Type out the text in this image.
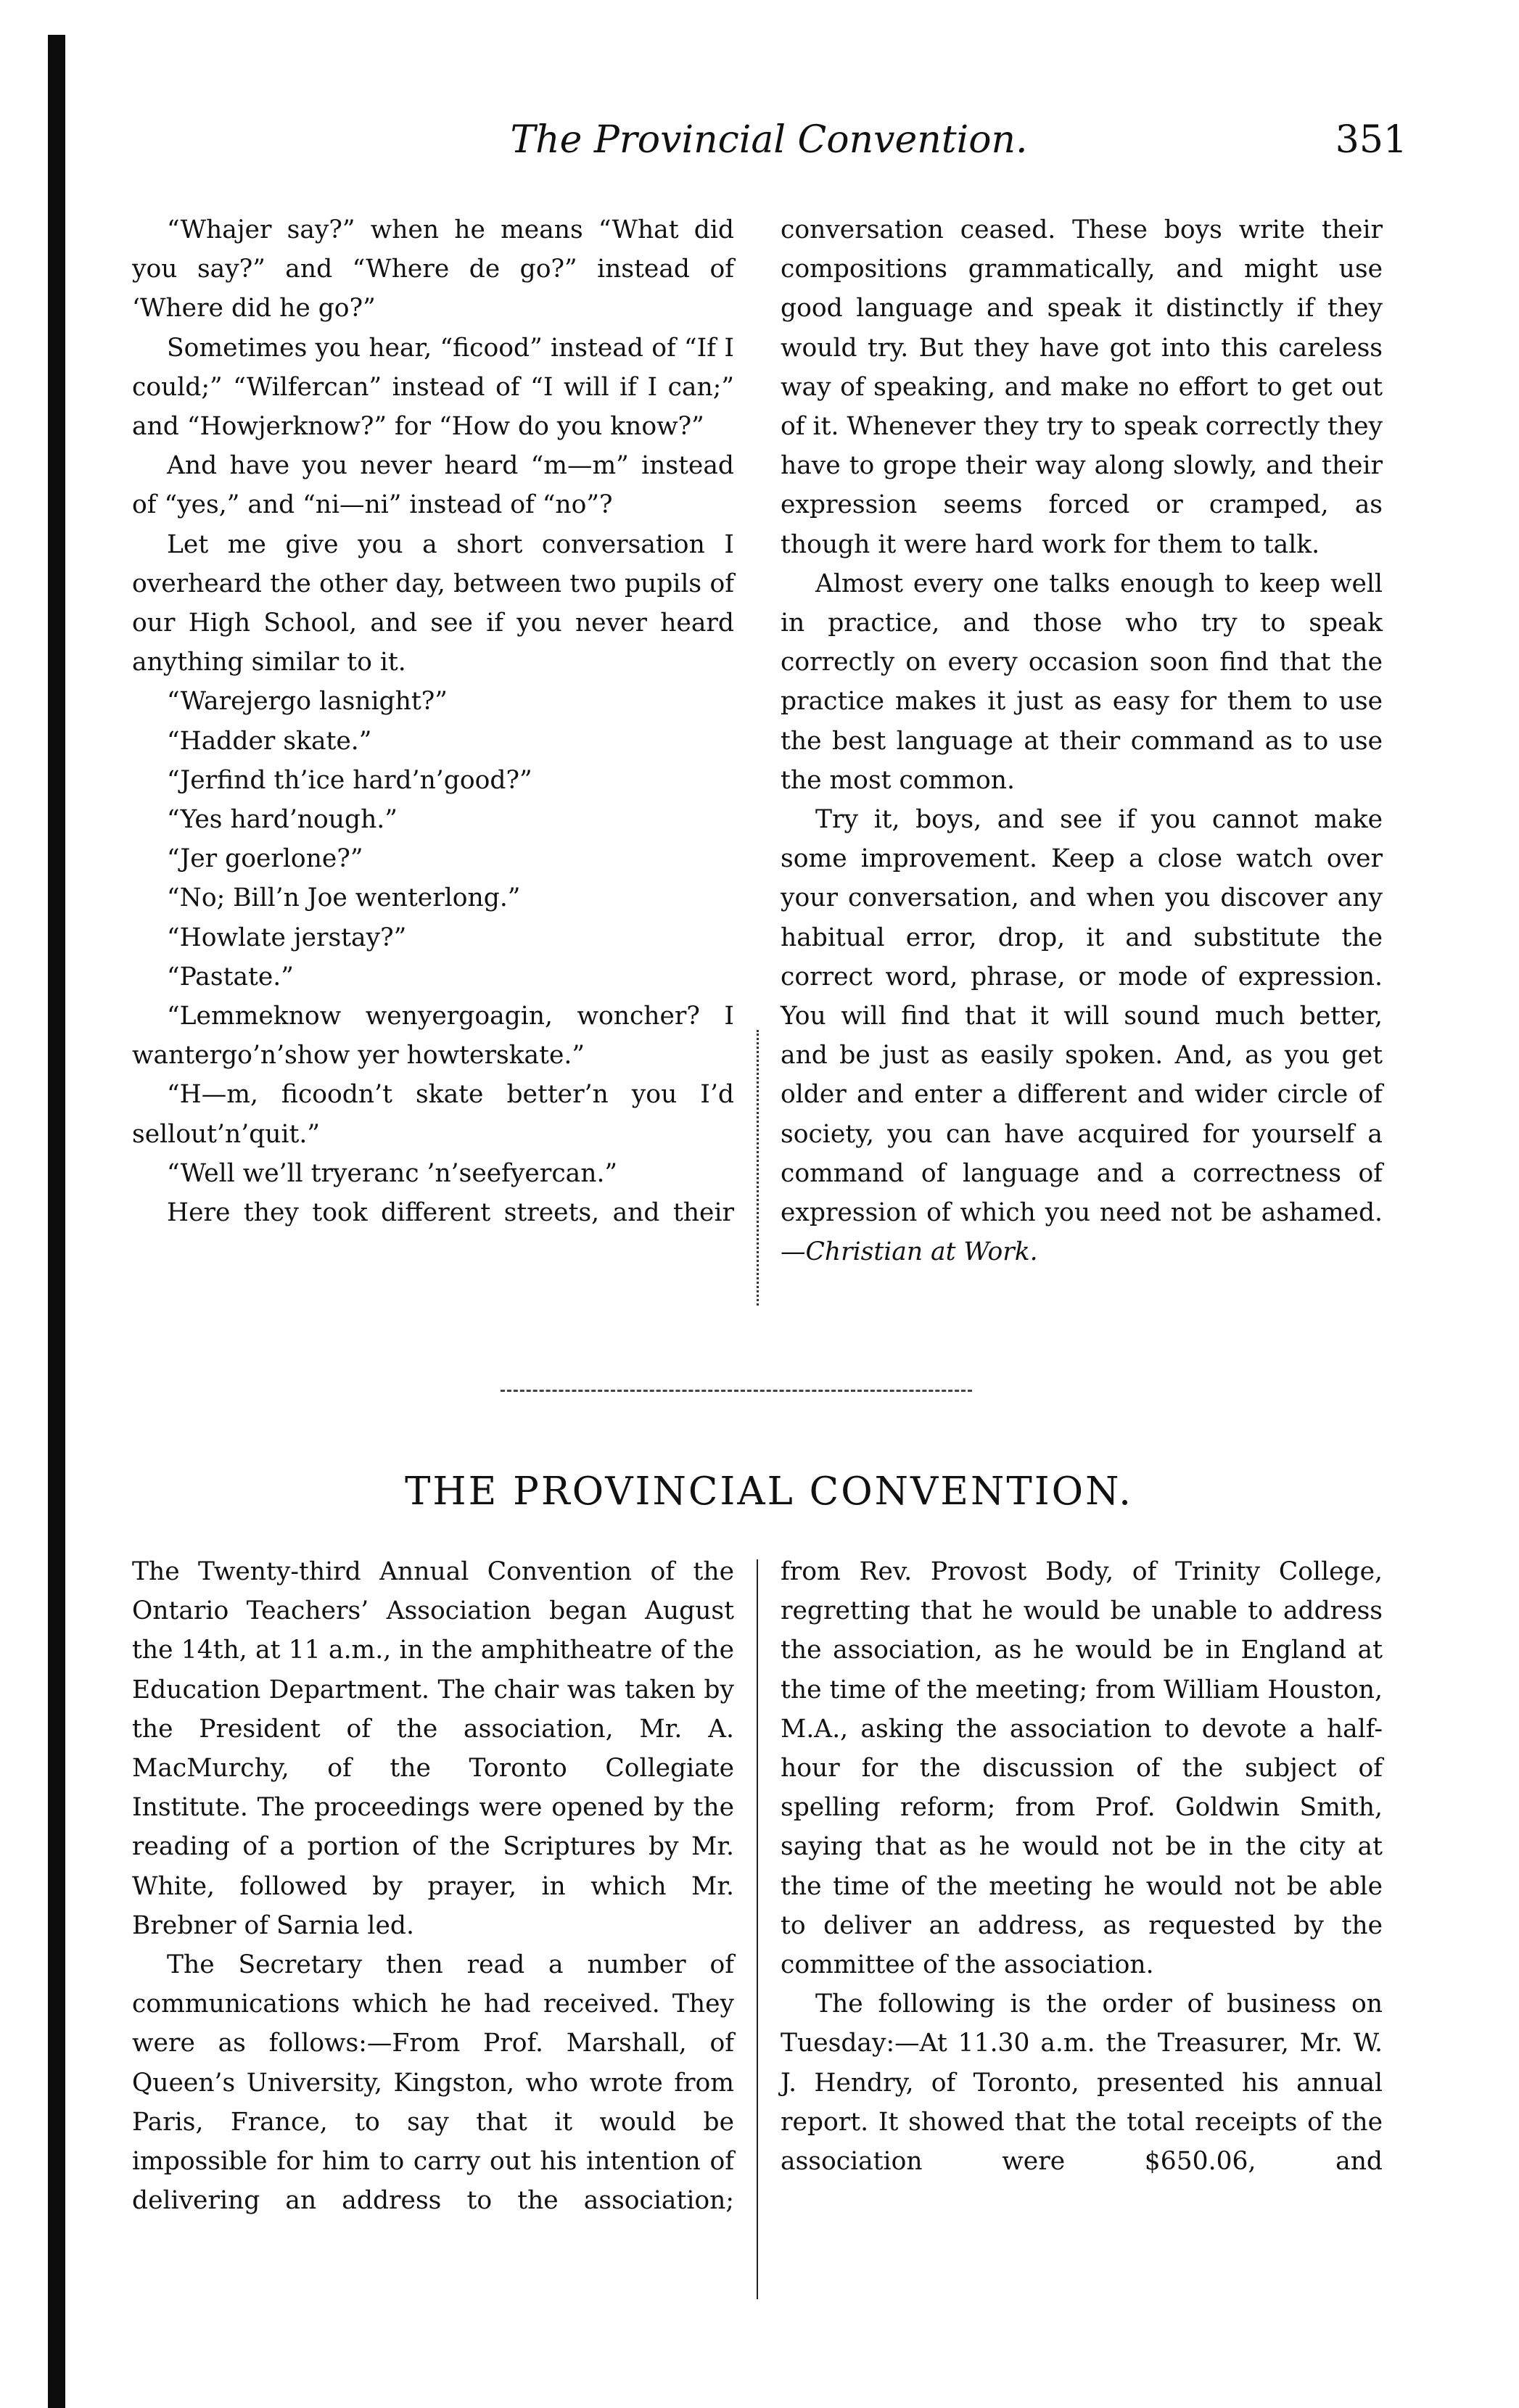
The Provincial Convention.	351

“Whajer say?” when he means “What did you say?” and “Where de go?” instead of ‘Where did he go?”

Sometimes you hear, “ficood” instead of “If I could;” “Wilfercan” instead of “I will if I can;” and “Howjerknow?” for “How do you know?”

And have you never heard “m—m” instead of “yes,” and “ni—ni” instead of “no”?

Let me give you a short conversation I overheard the other day, between two pupils of our High School, and see if you never heard anything similar to it.

“Warejergo lasnight?”

“Hadder skate.”

“Jerfind th’ice hard’n’good?”

“Yes hard’nough.”

“Jer goerlone?”

“No; Bill’n Joe wenterlong.”

“Howlate jerstay?”

“Pastate.”

“Lemmeknow wenyergoagin, woncher? I wantergo’n’show yer howterskate.”

“H—m, ficoodn’t skate better’n you I’d sellout’n’quit.”

“Well we’ll tryeranc ’n’seefyercan.”

Here they took different streets, and their

conversation ceased. These boys write their compositions grammatically, and might use good language and speak it distinctly if they would try. But they have got into this careless way of speaking, and make no effort to get out of it. Whenever they try to speak correctly they have to grope their way along slowly, and their expression seems forced or cramped, as though it were hard work for them to talk.

Almost every one talks enough to keep well in practice, and those who try to speak correctly on every occasion soon find that the practice makes it just as easy for them to use the best language at their command as to use the most common.

Try it, boys, and see if you cannot make some improvement. Keep a close watch over your conversation, and when you discover any habitual error, drop, it and substitute the correct word, phrase, or mode of expression. You will find that it will sound much better, and be just as easily spoken. And, as you get older and enter a different and wider circle of society, you can have acquired for yourself a command of language and a correctness of expression of which you need not be ashamed.—Christian at Work.

THE PROVINCIAL CONVENTION.

The Twenty-third Annual Convention of the Ontario Teachers’ Association began August the 14th, at 11 a.m., in the amphitheatre of the Education Department. The chair was taken by the President of the association, Mr. A. MacMurchy, of the Toronto Collegiate Institute. The proceedings were opened by the reading of a portion of the Scriptures by Mr. White, followed by prayer, in which Mr. Brebner of Sarnia led.

The Secretary then read a number of communications which he had received. They were as follows:—From Prof. Marshall, of Queen’s University, Kingston, who wrote from Paris, France, to say that it would be impossible for him to carry out his intention of delivering an address to the association;

from Rev. Provost Body, of Trinity College, regretting that he would be unable to address the association, as he would be in England at the time of the meeting; from William Houston, M.A., asking the association to devote a half-hour for the discussion of the subject of spelling reform; from Prof. Goldwin Smith, saying that as he would not be in the city at the time of the meeting he would not be able to deliver an address, as requested by the committee of the association.

The following is the order of business on Tuesday:—At 11.30 a.m. the Treasurer, Mr. W. J. Hendry, of Toronto, presented his annual report. It showed that the total receipts of the association were $650.06, and
